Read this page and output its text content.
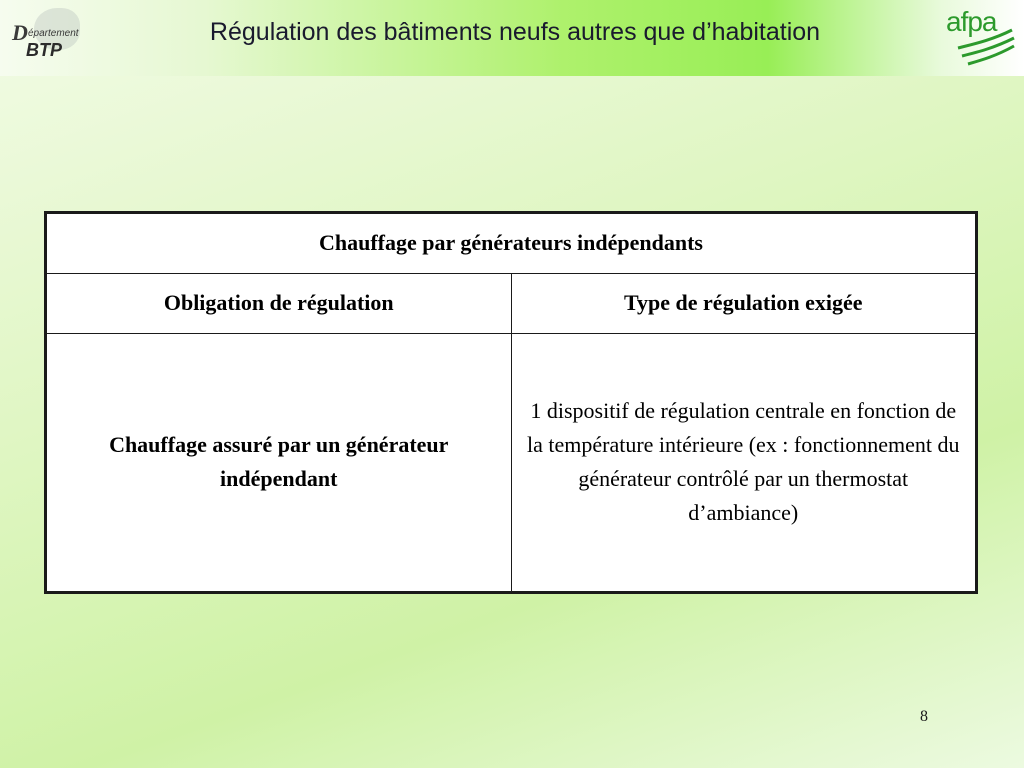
D épartement
BTP
Régulation des bâtiments neufs autres que d’habitation	afpa
Chauffage par générateurs indépendants	
Obligation de régulation	Type de régulation exigée
Chauffage assuré par un générateur indépendant	1 dispositif de régulation centrale en fonction de la température intérieure (ex : fonctionnement du générateur contrôlé par un thermostat d’ambiance)
8
